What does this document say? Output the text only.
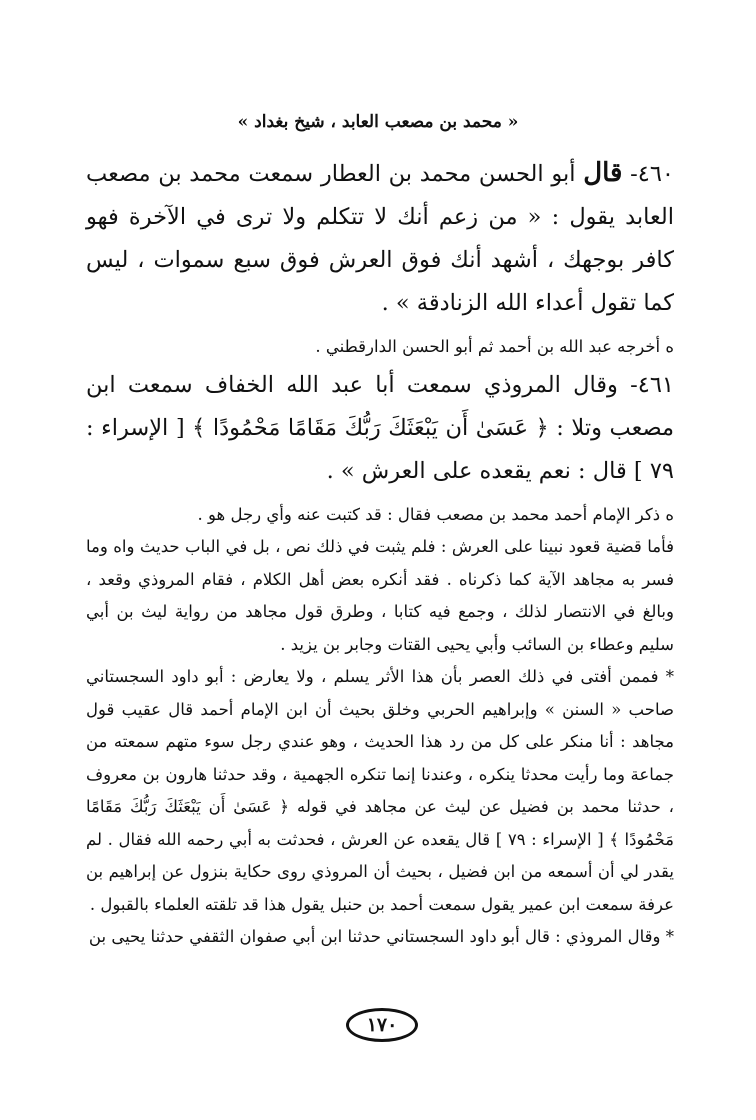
« محمد بن مصعب العابد ، شيخ بغداد »

٤٦٠- قال أبو الحسن محمد بن العطار سمعت محمد بن مصعب العابد يقول : « من زعم أنك لا تتكلم ولا ترى في الآخرة فهو كافر بوجهك ، أشهد أنك فوق العرش فوق سبع سموات ، ليس كما تقول أعداء الله الزنادقة » .

ه أخرجه عبد الله بن أحمد ثم أبو الحسن الدارقطني .

٤٦١- وقال المروذي سمعت أبا عبد الله الخفاف سمعت ابن مصعب وتلا : ﴿ عَسَىٰ أَن يَبْعَثَكَ رَبُّكَ مَقَامًا مَحْمُودًا ﴾ [ الإسراء : ٧٩ ] قال : نعم يقعده على العرش » .

ه ذكر الإمام أحمد محمد بن مصعب فقال : قد كتبت عنه وأي رجل هو .

فأما قضية قعود نبينا على العرش : فلم يثبت في ذلك نص ، بل في الباب حديث واه وما فسر به مجاهد الآية كما ذكرناه . فقد أنكره بعض أهل الكلام ، فقام المروذي وقعد ، وبالغ في الانتصار لذلك ، وجمع فيه كتابا ، وطرق قول مجاهد من رواية ليث بن أبي سليم وعطاء بن السائب وأبي يحيى القتات وجابر بن يزيد .

* فممن أفتى في ذلك العصر بأن هذا الأثر يسلم ، ولا يعارض : أبو داود السجستاني صاحب « السنن » وإبراهيم الحربي وخلق بحيث أن ابن الإمام أحمد قال عقيب قول مجاهد : أنا منكر على كل من رد هذا الحديث ، وهو عندي رجل سوء متهم سمعته من جماعة وما رأيت محدثا ينكره ، وعندنا إنما تنكره الجهمية ، وقد حدثنا هارون بن معروف ، حدثنا محمد بن فضيل عن ليث عن مجاهد في قوله ﴿ عَسَىٰ أَن يَبْعَثَكَ رَبُّكَ مَقَامًا مَحْمُودًا ﴾ [ الإسراء : ٧٩ ] قال يقعده عن العرش ، فحدثت به أبي رحمه الله فقال . لم يقدر لي أن أسمعه من ابن فضيل ، بحيث أن المروذي روى حكاية بنزول عن إبراهيم بن عرفة سمعت ابن عمير يقول سمعت أحمد بن حنبل يقول هذا قد تلقته العلماء بالقبول .

* وقال المروذي : قال أبو داود السجستاني حدثنا ابن أبي صفوان الثقفي حدثنا يحيى بن

١٧٠
